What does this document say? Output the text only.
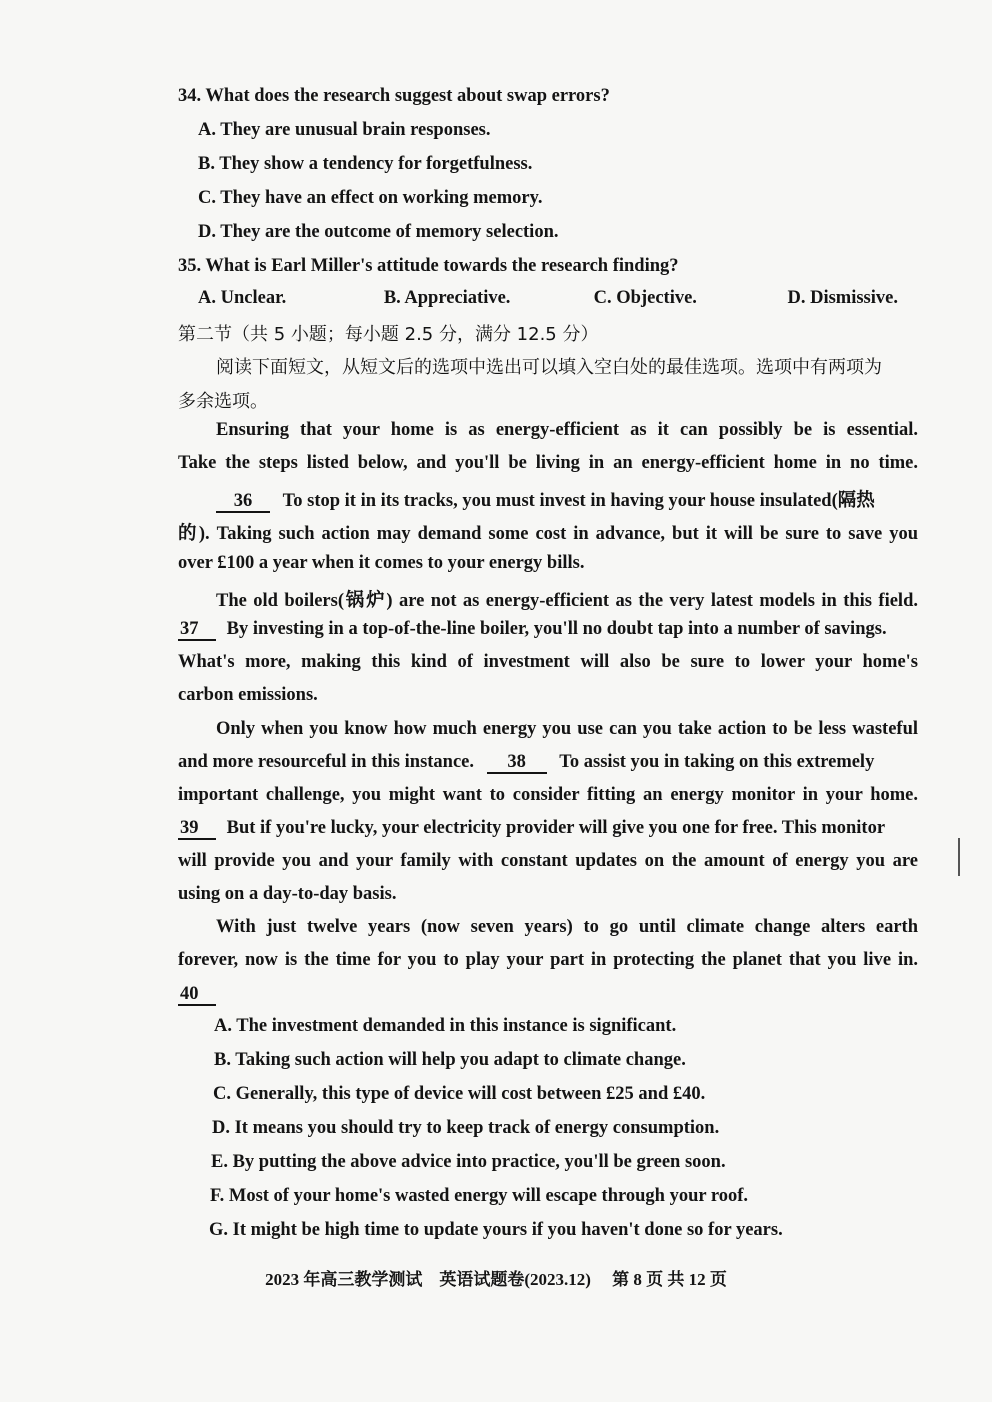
34. What does the research suggest about swap errors?
A. They are unusual brain responses.
B. They show a tendency for forgetfulness.
C. They have an effect on working memory.
D. They are the outcome of memory selection.
35. What is Earl Miller's attitude towards the research finding?
A. Unclear.	B. Appreciative.	C. Objective.	D. Dismissive.
第二节（共 5 小题；每小题 2.5 分，满分 12.5 分）
阅读下面短文，从短文后的选项中选出可以填入空白处的最佳选项。选项中有两项为
多余选项。
Ensuring that your home is as energy-efficient as it can possibly be is essential.
Take the steps listed below, and you'll be living in an energy-efficient home in no time.
36 To stop it in its tracks, you must invest in having your house insulated(隔热
的). Taking such action may demand some cost in advance, but it will be sure to save you
over £100 a year when it comes to your energy bills.
The old boilers(锅炉) are not as energy-efficient as the very latest models in this field.
37 By investing in a top-of-the-line boiler, you'll no doubt tap into a number of savings.
What's more, making this kind of investment will also be sure to lower your home's
carbon emissions.
Only when you know how much energy you use can you take action to be less wasteful
and more resourceful in this instance. 38 To assist you in taking on this extremely
important challenge, you might want to consider fitting an energy monitor in your home.
39 But if you're lucky, your electricity provider will give you one for free. This monitor
will provide you and your family with constant updates on the amount of energy you are
using on a day-to-day basis.
With just twelve years (now seven years) to go until climate change alters earth
forever, now is the time for you to play your part in protecting the planet that you live in.
40
A. The investment demanded in this instance is significant.
B. Taking such action will help you adapt to climate change.
C. Generally, this type of device will cost between £25 and £40.
D. It means you should try to keep track of energy consumption.
E. By putting the above advice into practice, you'll be green soon.
F. Most of your home's wasted energy will escape through your roof.
G. It might be high time to update yours if you haven't done so for years.
2023 年高三教学测试　英语试题卷(2023.12)　 第 8 页 共 12 页
